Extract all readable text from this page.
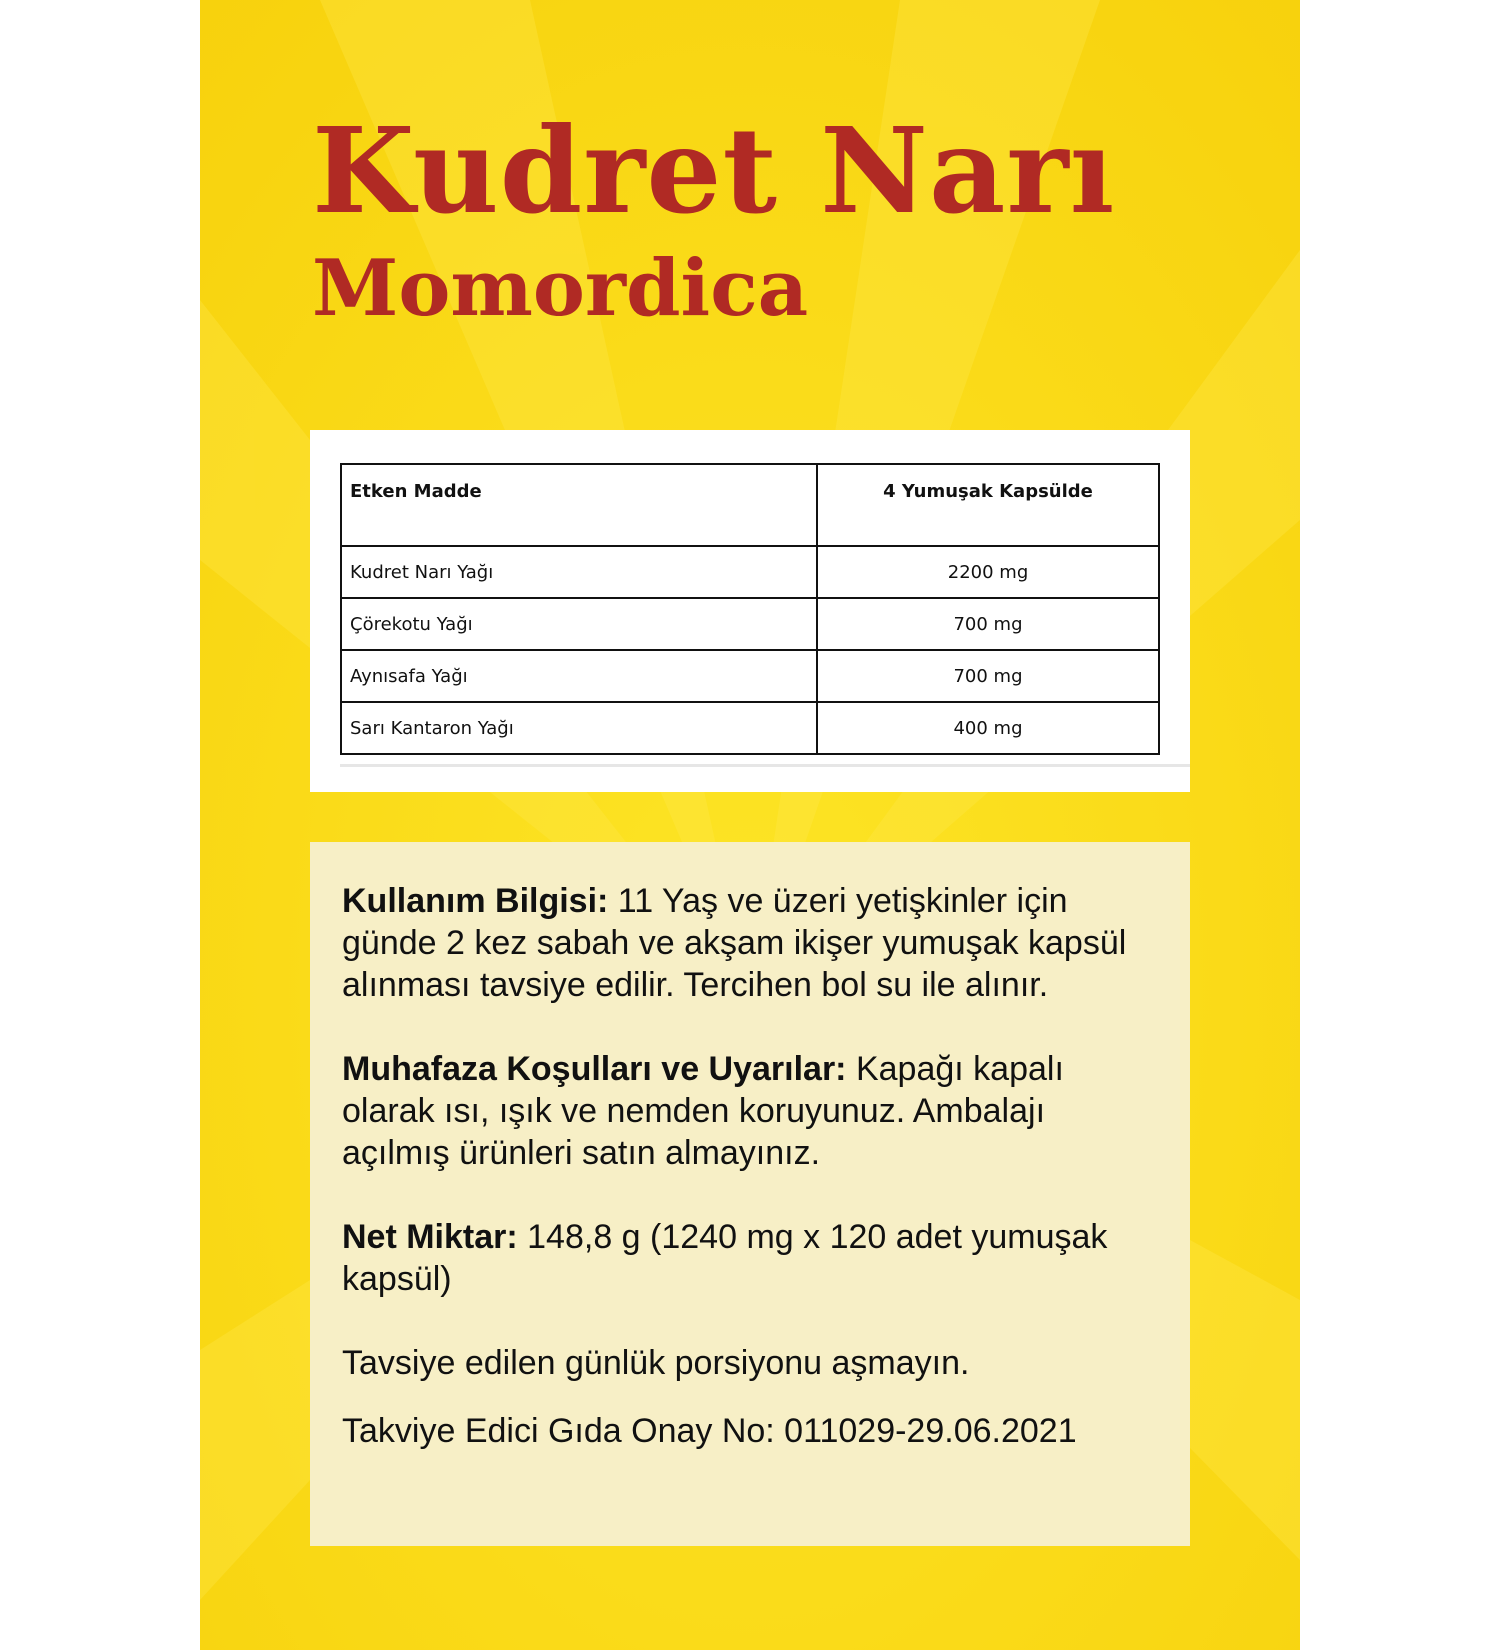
Kudret Narı
Momordica
Etken Madde	4 Yumuşak Kapsülde
Kudret Narı Yağı	2200 mg
Çörekotu Yağı	700 mg
Aynısafa Yağı	700 mg
Sarı Kantaron Yağı	400 mg

Kullanım Bilgisi: 11 Yaş ve üzeri yetişkinler için günde 2 kez sabah ve akşam ikişer yumuşak kapsül alınması tavsiye edilir. Tercihen bol su ile alınır.

Muhafaza Koşulları ve Uyarılar: Kapağı kapalı olarak ısı, ışık ve nemden koruyunuz. Ambalajı açılmış ürünleri satın almayınız.

Net Miktar: 148,8 g (1240 mg x 120 adet yumuşak kapsül)

Tavsiye edilen günlük porsiyonu aşmayın.

Takviye Edici Gıda Onay No: 011029-29.06.2021
